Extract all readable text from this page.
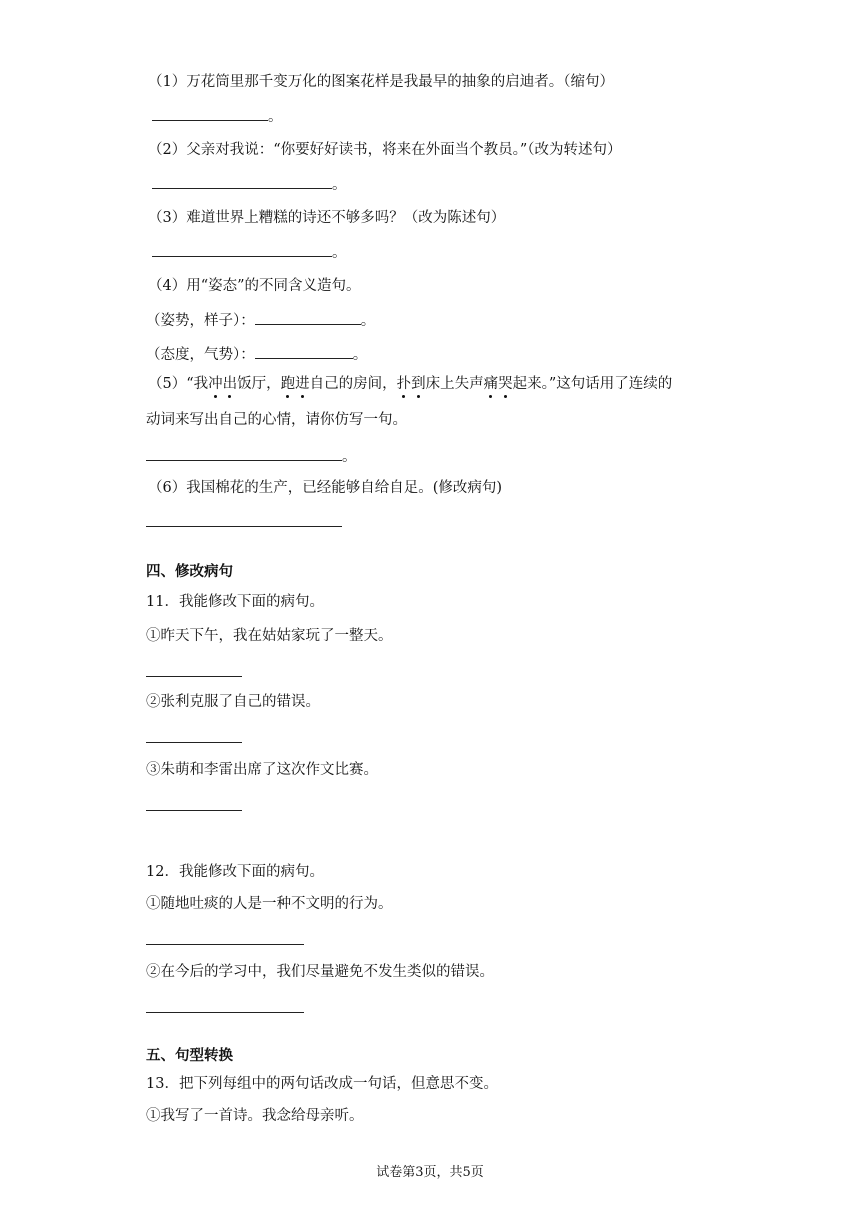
（1）万花筒里那千变万化的图案花样是我最早的抽象的启迪者。（缩句）
。
（2）父亲对我说：“你要好好读书，将来在外面当个教员。”（改为转述句）
。
（3）难道世界上糟糕的诗还不够多吗？（改为陈述句）
。
（4）用“姿态”的不同含义造句。
（姿势，样子）：	。
（态度，气势）：	。
（5）“我冲出饭厅，跑进自己的房间，扑到床上失声痛哭起来。”这句话用了连续的
动词来写出自己的心情，请你仿写一句。
。
（6）我国棉花的生产，已经能够自给自足。(修改病句)
四、修改病句
11．我能修改下面的病句。
①昨天下午，我在姑姑家玩了一整天。
②张利克服了自己的错误。
③朱萌和李雷出席了这次作文比赛。
12．我能修改下面的病句。
①随地吐痰的人是一种不文明的行为。
②在今后的学习中，我们尽量避免不发生类似的错误。
五、句型转换
13．把下列每组中的两句话改成一句话，但意思不变。
①我写了一首诗。我念给母亲听。
试卷第3页，共5页
